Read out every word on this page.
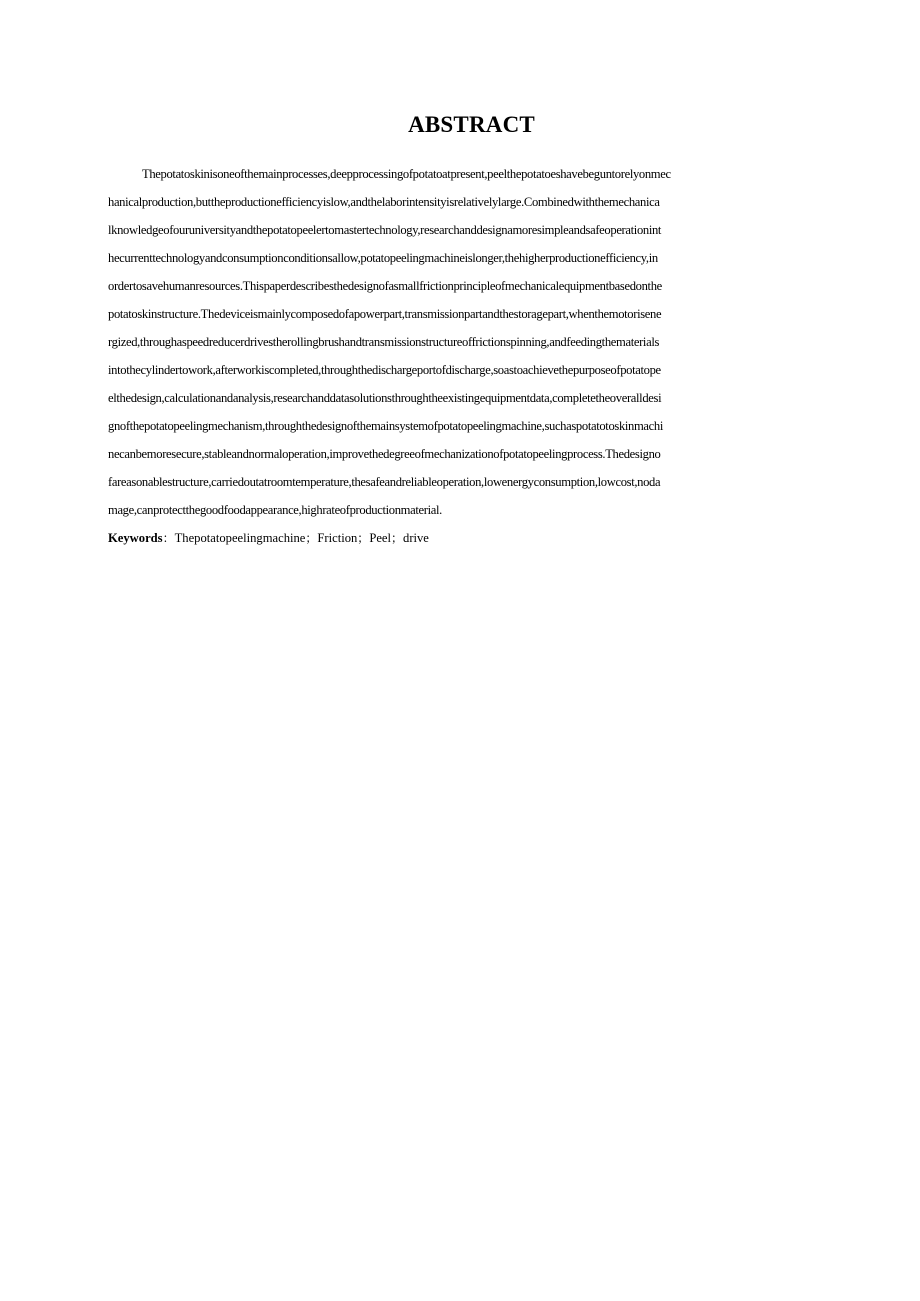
ABSTRACT
Thepotatoskinisoneofthemainprocesses,deepprocessingofpotatoatpresent,peelthepotatoeshavebeguntorelyonmec
hanicalproduction,buttheproductionefficiencyislow,andthelaborintensityisrelativelylarge.Combinedwiththemechanica
lknowledgeofouruniversityandthepotatopeelertomastertechnology,researchanddesignamoresimpleandsafeoperationint
hecurrenttechnologyandconsumptionconditionsallow,potatopeelingmachineislonger,thehigherproductionefficiency,in
ordertosavehumanresources.Thispaperdescribesthedesignofasmallfrictionprincipleofmechanicalequipmentbasedonthe
potatoskinstructure.Thedeviceismainlycomposedofapowerpart,transmissionpartandthestoragepart,whenthemotorisene
rgized,throughaspeedreducerdrivestherollingbrushandtransmissionstructureoffrictionspinning,andfeedingthematerials
intothecylindertowork,afterworkiscompleted,throughthedischargeportofdischarge,soastoachievethepurposeofpotatope
elthedesign,calculationandanalysis,researchanddatasolutionsthroughtheexistingequipmentdata,completetheoveralldesi
gnofthepotatopeelingmechanism,throughthedesignofthemainsystemofpotatopeelingmachine,suchaspotatotoskinmachi
necanbemoresecure,stableandnormaloperation,improvethedegreeofmechanizationofpotatopeelingprocess.Thedesigno
fareasonablestructure,carriedoutatroomtemperature,thesafeandreliableoperation,lowenergyconsumption,lowcost,noda
mage,canprotectthegoodfoodappearance,highrateofproductionmaterial.
Keywords：Thepotatopeelingmachine；Friction；Peel；drive
